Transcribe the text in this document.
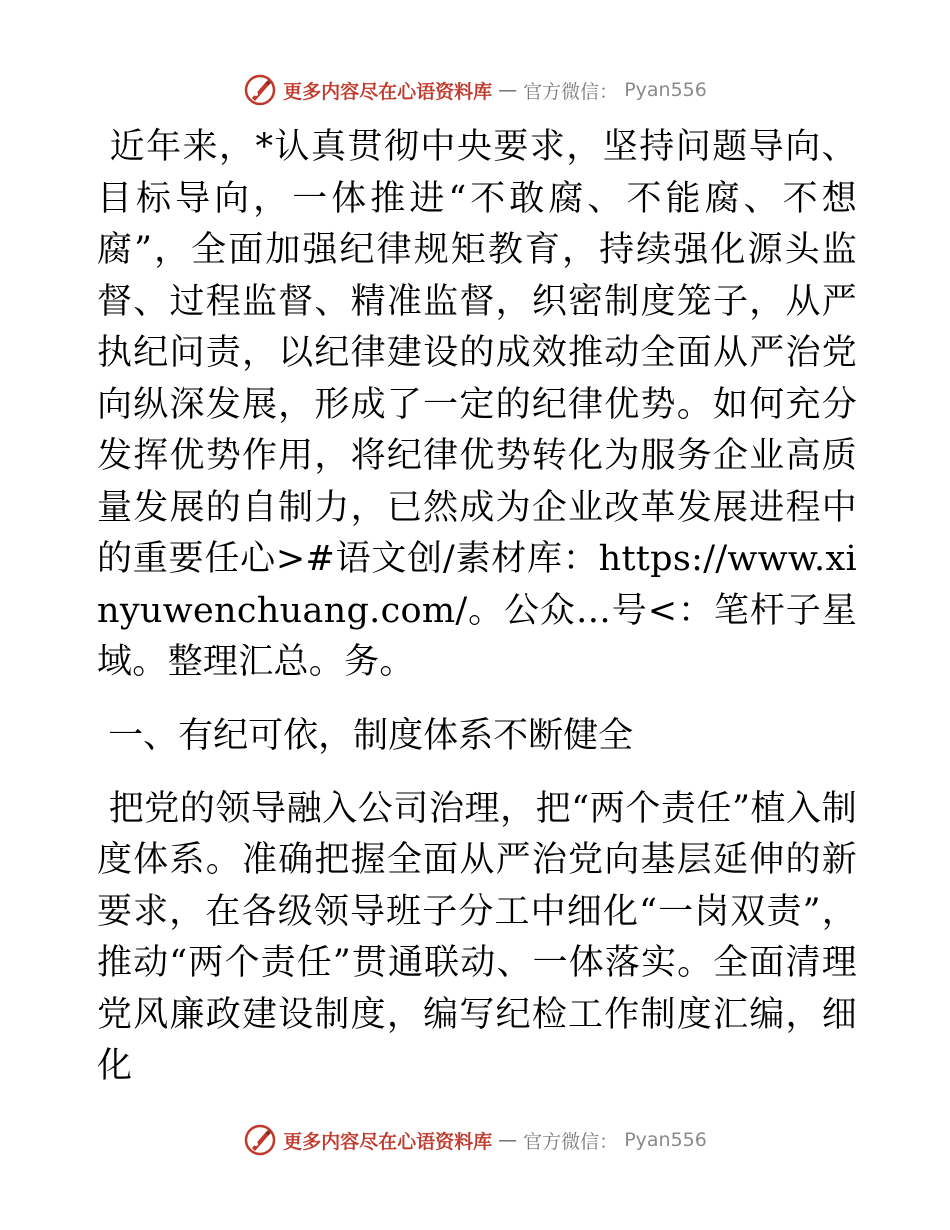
更多内容尽在心语资料库 — 官方微信： Pyan556

近年来，*认真贯彻中央要求，坚持问题导向、目标导向，一体推进“不敢腐、不能腐、不想腐”，全面加强纪律规矩教育，持续强化源头监督、过程监督、精准监督，织密制度笼子，从严执纪问责，以纪律建设的成效推动全面从严治党向纵深发展，形成了一定的纪律优势。如何充分发挥优势作用，将纪律优势转化为服务企业高质量发展的自制力，已然成为企业改革发展进程中的重要任心>#语文创/素材库：https://www.xinyuwenchuang.com/。公众…号<：笔杆子星域。整理汇总。务。

一、有纪可依，制度体系不断健全

把党的领导融入公司治理，把“两个责任”植入制度体系。准确把握全面从严治党向基层延伸的新要求，在各级领导班子分工中细化“一岗双责”，推动“两个责任”贯通联动、一体落实。全面清理党风廉政建设制度，编写纪检工作制度汇编，细化

更多内容尽在心语资料库 — 官方微信： Pyan556
